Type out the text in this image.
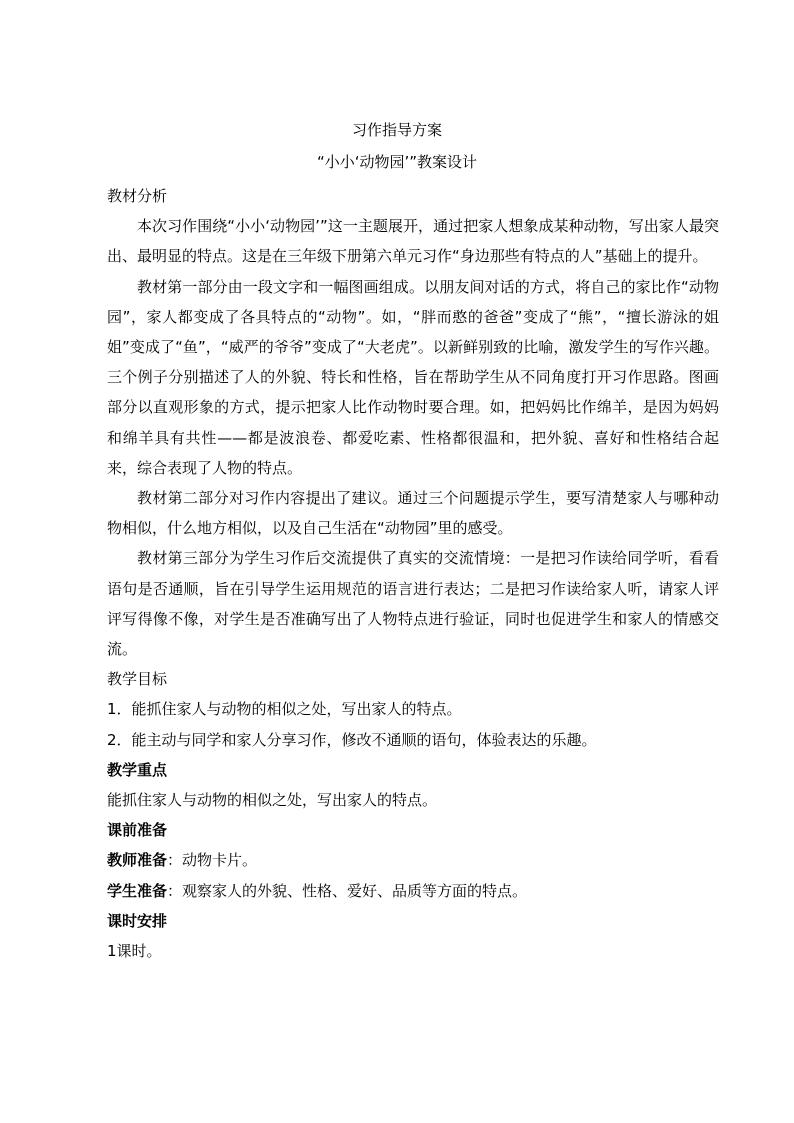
习作指导方案
“小小‘动物园’”教案设计

教材分析

本次习作围绕“小小‘动物园’”这一主题展开，通过把家人想象成某种动物，写出家人最突出、最明显的特点。这是在三年级下册第六单元习作“身边那些有特点的人”基础上的提升。

教材第一部分由一段文字和一幅图画组成。以朋友间对话的方式，将自己的家比作“动物园”，家人都变成了各具特点的“动物”。如，“胖而憨的爸爸”变成了“熊”，“擅长游泳的姐姐”变成了“鱼”，“威严的爷爷”变成了“大老虎”。以新鲜别致的比喻，激发学生的写作兴趣。三个例子分别描述了人的外貌、特长和性格，旨在帮助学生从不同角度打开习作思路。图画部分以直观形象的方式，提示把家人比作动物时要合理。如，把妈妈比作绵羊，是因为妈妈和绵羊具有共性——都是波浪卷、都爱吃素、性格都很温和，把外貌、喜好和性格结合起来，综合表现了人物的特点。

教材第二部分对习作内容提出了建议。通过三个问题提示学生，要写清楚家人与哪种动物相似，什么地方相似，以及自己生活在“动物园”里的感受。

教材第三部分为学生习作后交流提供了真实的交流情境：一是把习作读给同学听，看看语句是否通顺，旨在引导学生运用规范的语言进行表达；二是把习作读给家人听，请家人评评写得像不像，对学生是否准确写出了人物特点进行验证，同时也促进学生和家人的情感交流。

教学目标

1．能抓住家人与动物的相似之处，写出家人的特点。

2．能主动与同学和家人分享习作，修改不通顺的语句，体验表达的乐趣。

教学重点

能抓住家人与动物的相似之处，写出家人的特点。

课前准备

教师准备：动物卡片。

学生准备：观察家人的外貌、性格、爱好、品质等方面的特点。

课时安排

1课时。
